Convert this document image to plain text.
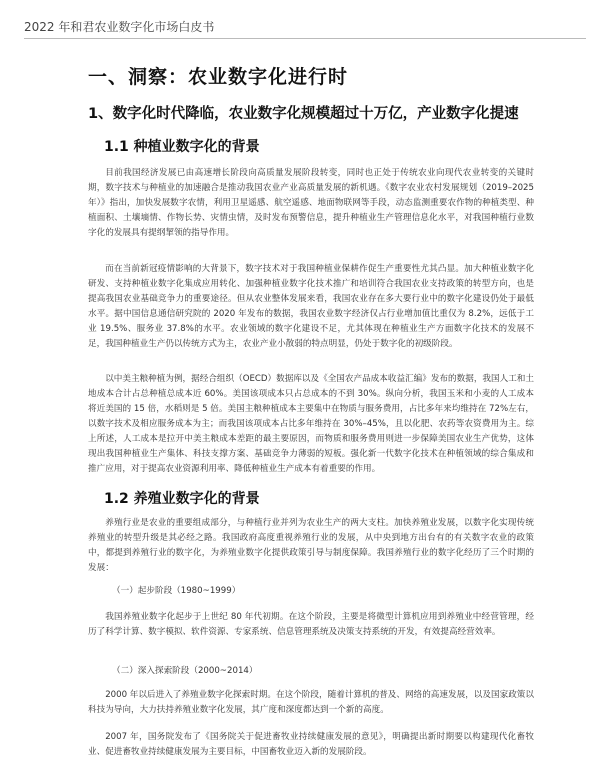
2022 年和君农业数字化市场白皮书
一、洞察：农业数字化进行时
1、数字化时代降临，农业数字化规模超过十万亿，产业数字化提速
1.1 种植业数字化的背景

目前我国经济发展已由高速增长阶段向高质量发展阶段转变，同时也正处于传统农业向现代农业转变的关键时期，数字技术与种植业的加速融合是推动我国农业产业高质量发展的新机遇。《数字农业农村发展规划（2019–2025年）》指出，加快发展数字农情，利用卫星遥感、航空遥感、地面物联网等手段，动态监测重要农作物的种植类型、种植面积、土壤墒情、作物长势、灾情虫情，及时发布预警信息，提升种植业生产管理信息化水平，对我国种植行业数字化的发展具有提纲挈领的指导作用。

而在当前新冠疫情影响的大背景下，数字技术对于我国种植业保耕作促生产重要性尤其凸显。加大种植业数字化研发、支持种植业数字化集成应用转化、加强种植业数字化技术推广和培训符合我国农业支持政策的转型方向，也是提高我国农业基础竞争力的重要途径。但从农业整体发展来看，我国农业存在多大要行业中的数字化建设仍处于最低水平。据中国信息通信研究院的 2020 年发布的数据，我国农业数字经济仅占行业增加值比重仅为 8.2%，远低于工业 19.5%、服务业 37.8%的水平。农业领域的数字化建设不足，尤其体现在种植业生产方面数字化技术的发展不足，我国种植业生产仍以传统方式为主，农业产业小散弱的特点明显，仍处于数字化的初级阶段。

以中美主粮种植为例，据经合组织（OECD）数据库以及《全国农产品成本收益汇编》发布的数据，我国人工和土地成本合计占总种植总成本近 60%。美国该项成本只占总成本的不到 30%。纵向分析，我国玉米和小麦的人工成本将近美国的 15 倍，水稻则是 5 倍。美国主粮种植成本主要集中在物质与服务费用，占比多年来均维持在 72%左右，以数字技术及相应服务成本为主；而我国该项成本占比多年维持在 30%–45%，且以化肥、农药等农资费用为主。综上所述，人工成本是拉开中美主粮成本差距的最主要原因，而物质和服务费用则进一步保障美国农业生产优势，这体现出我国种植业生产集体、科技支撑方案、基础竞争力薄弱的短板。强化新一代数字化技术在种植领域的综合集成和推广应用，对于提高农业资源利用率、降低种植业生产成本有着重要的作用。

1.2 养殖业数字化的背景

养殖行业是农业的重要组成部分，与种植行业并列为农业生产的两大支柱。加快养殖业发展，以数字化实现传统养殖业的转型升级是其必经之路。我国政府高度重视养殖行业的发展，从中央到地方出台有的有关数字农业的政策中，都提到养殖行业的数字化，为养殖业数字化提供政策引导与制度保障。我国养殖行业的数字化经历了三个时期的发展：

（一）起步阶段（1980~1999）

我国养殖业数字化起步于上世纪 80 年代初期。在这个阶段，主要是将微型计算机应用到养殖业中经营管理，经历了科学计算、数字模拟、软件资源、专家系统、信息管理系统及决策支持系统的开发，有效提高经营效率。

（二）深入探索阶段（2000~2014）

2000 年以后进入了养殖业数字化探索时期。在这个阶段，随着计算机的普及、网络的高速发展，以及国家政策以科技为导向，大力扶持养殖业数字化发展，其广度和深度都达到一个新的高度。

2007 年，国务院发布了《国务院关于促进畜牧业持续健康发展的意见》，明确提出新时期要以构建现代化畜牧业、促进畜牧业持续健康发展为主要目标，中国畜牧业迈入新的发展阶段。
